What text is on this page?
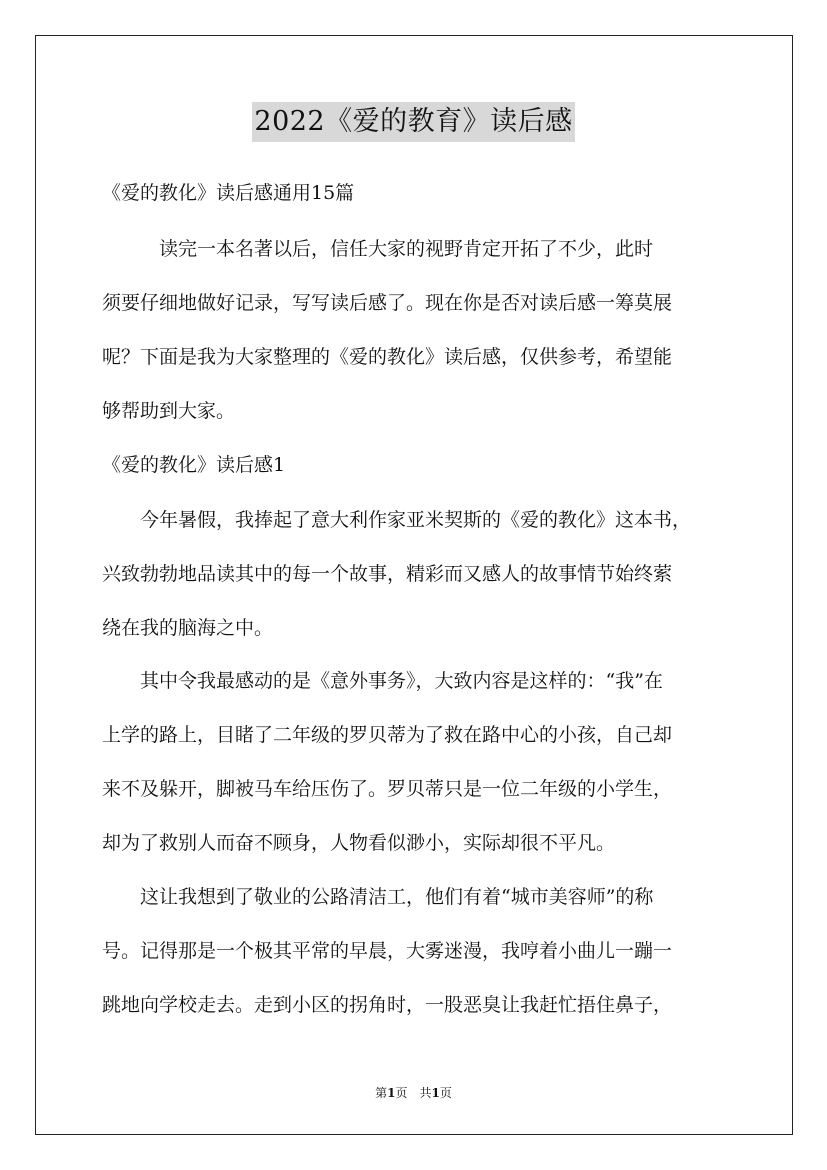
2022《爱的教育》读后感
《爱的教化》读后感通用15篇
　　　读完一本名著以后，信任大家的视野肯定开拓了不少，此时
须要仔细地做好记录，写写读后感了。现在你是否对读后感一筹莫展
呢？下面是我为大家整理的《爱的教化》读后感，仅供参考，希望能
够帮助到大家。
《爱的教化》读后感1
　　今年暑假，我捧起了意大利作家亚米契斯的《爱的教化》这本书，
兴致勃勃地品读其中的每一个故事，精彩而又感人的故事情节始终萦
绕在我的脑海之中。
　　其中令我最感动的是《意外事务》，大致内容是这样的：“我”在
上学的路上，目睹了二年级的罗贝蒂为了救在路中心的小孩，自己却
来不及躲开，脚被马车给压伤了。罗贝蒂只是一位二年级的小学生，
却为了救别人而奋不顾身，人物看似渺小，实际却很不平凡。
　　这让我想到了敬业的公路清洁工，他们有着“城市美容师”的称
号。记得那是一个极其平常的早晨，大雾迷漫，我哼着小曲儿一蹦一
跳地向学校走去。走到小区的拐角时，一股恶臭让我赶忙捂住鼻子，
第1页　共1页
